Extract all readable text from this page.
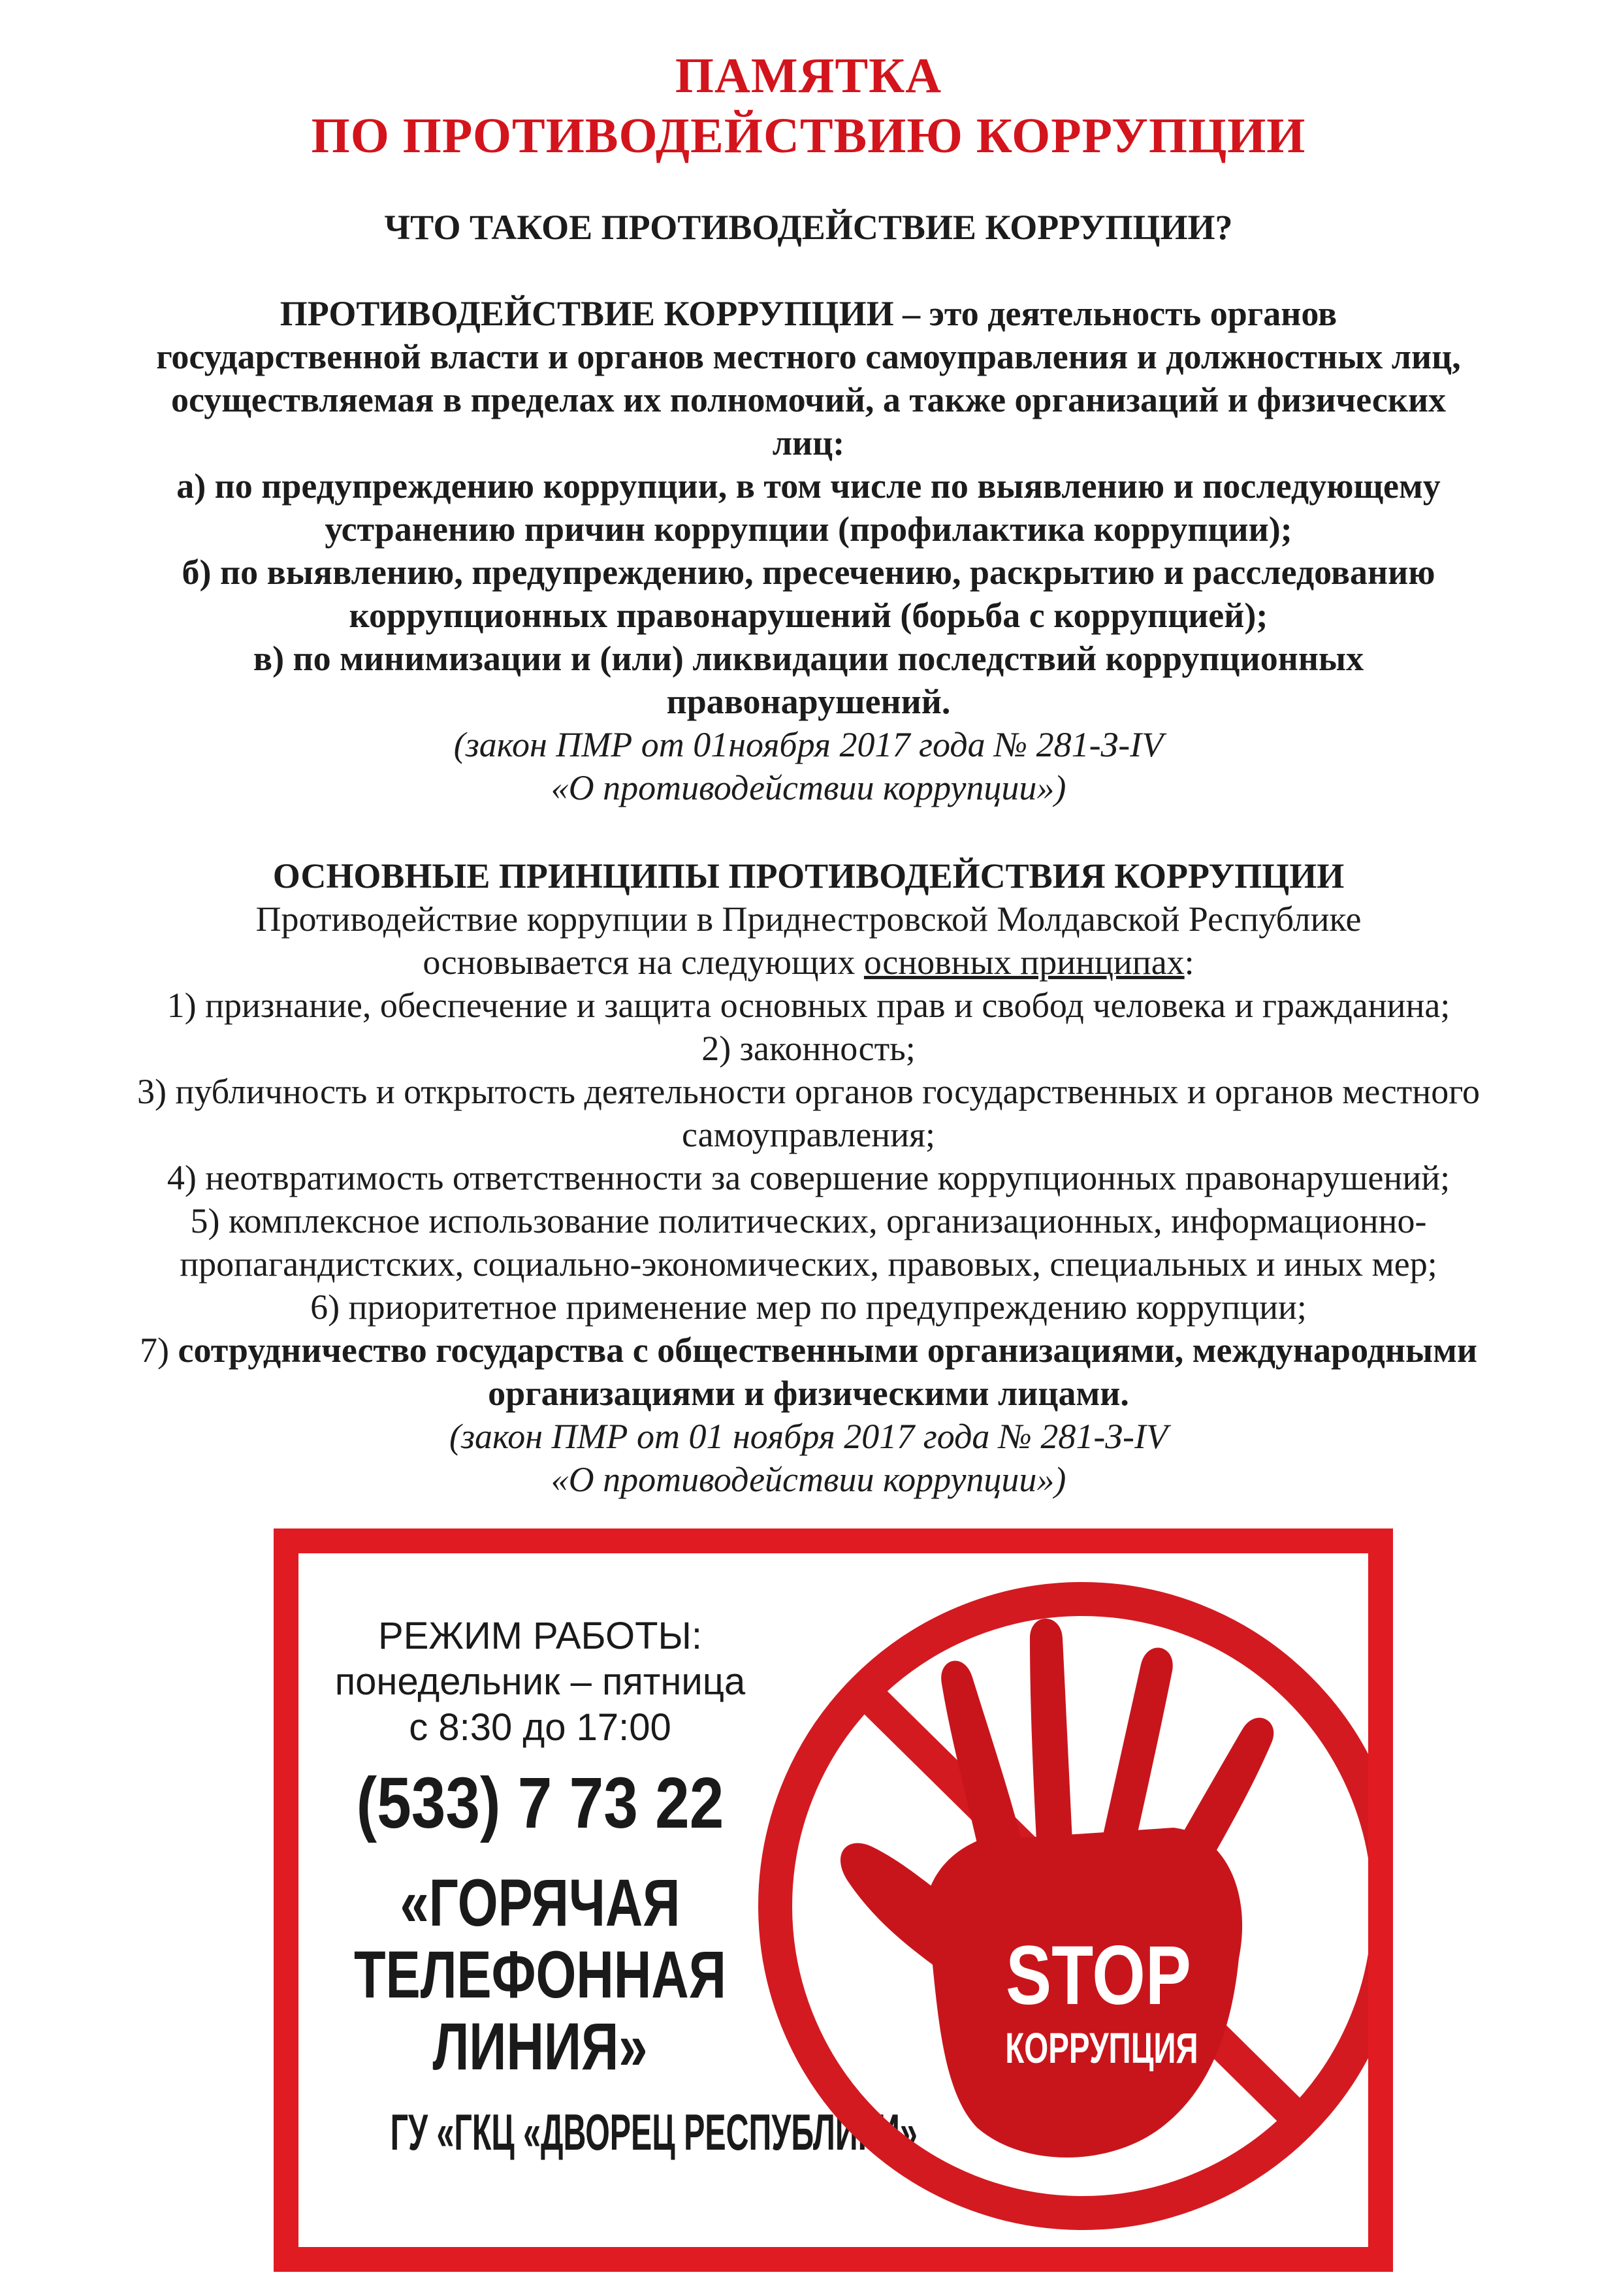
ПАМЯТКА
ПО ПРОТИВОДЕЙСТВИЮ КОРРУПЦИИ
ЧТО ТАКОЕ ПРОТИВОДЕЙСТВИЕ КОРРУПЦИИ?
ПРОТИВОДЕЙСТВИЕ КОРРУПЦИИ – это деятельность органов
государственной власти и органов местного самоуправления и должностных лиц,
осуществляемая в пределах их полномочий, а также организаций и физических
лиц:
а) по предупреждению коррупции, в том числе по выявлению и последующему
устранению причин коррупции (профилактика коррупции);
б) по выявлению, предупреждению, пресечению, раскрытию и расследованию
коррупционных правонарушений (борьба с коррупцией);
в) по минимизации и (или) ликвидации последствий коррупционных
правонарушений.
(закон ПМР от 01ноября 2017 года № 281-З-IV
«О противодействии коррупции»)
ОСНОВНЫЕ ПРИНЦИПЫ ПРОТИВОДЕЙСТВИЯ КОРРУПЦИИ
Противодействие коррупции в Приднестровской Молдавской Республике
основывается на следующих основных принципах:
1) признание, обеспечение и защита основных прав и свобод человека и гражданина;
2) законность;
3) публичность и открытость деятельности органов государственных и органов местного
самоуправления;
4) неотвратимость ответственности за совершение коррупционных правонарушений;
5) комплексное использование политических, организационных, информационно-
пропагандистских, социально-экономических, правовых, специальных и иных мер;
6) приоритетное применение мер по предупреждению коррупции;
7) сотрудничество государства с общественными организациями, международными
организациями и физическими лицами.
(закон ПМР от 01 ноября 2017 года № 281-З-IV
«О противодействии коррупции»)
РЕЖИМ РАБОТЫ:
понедельник – пятница
с 8:30 до 17:00
(533) 7 73 22
«ГОРЯЧАЯ
ТЕЛЕФОННАЯ
ЛИНИЯ»
ГУ «ГКЦ «ДВОРЕЦ РЕСПУБЛИКИ»
STOP
КОРРУПЦИЯ
